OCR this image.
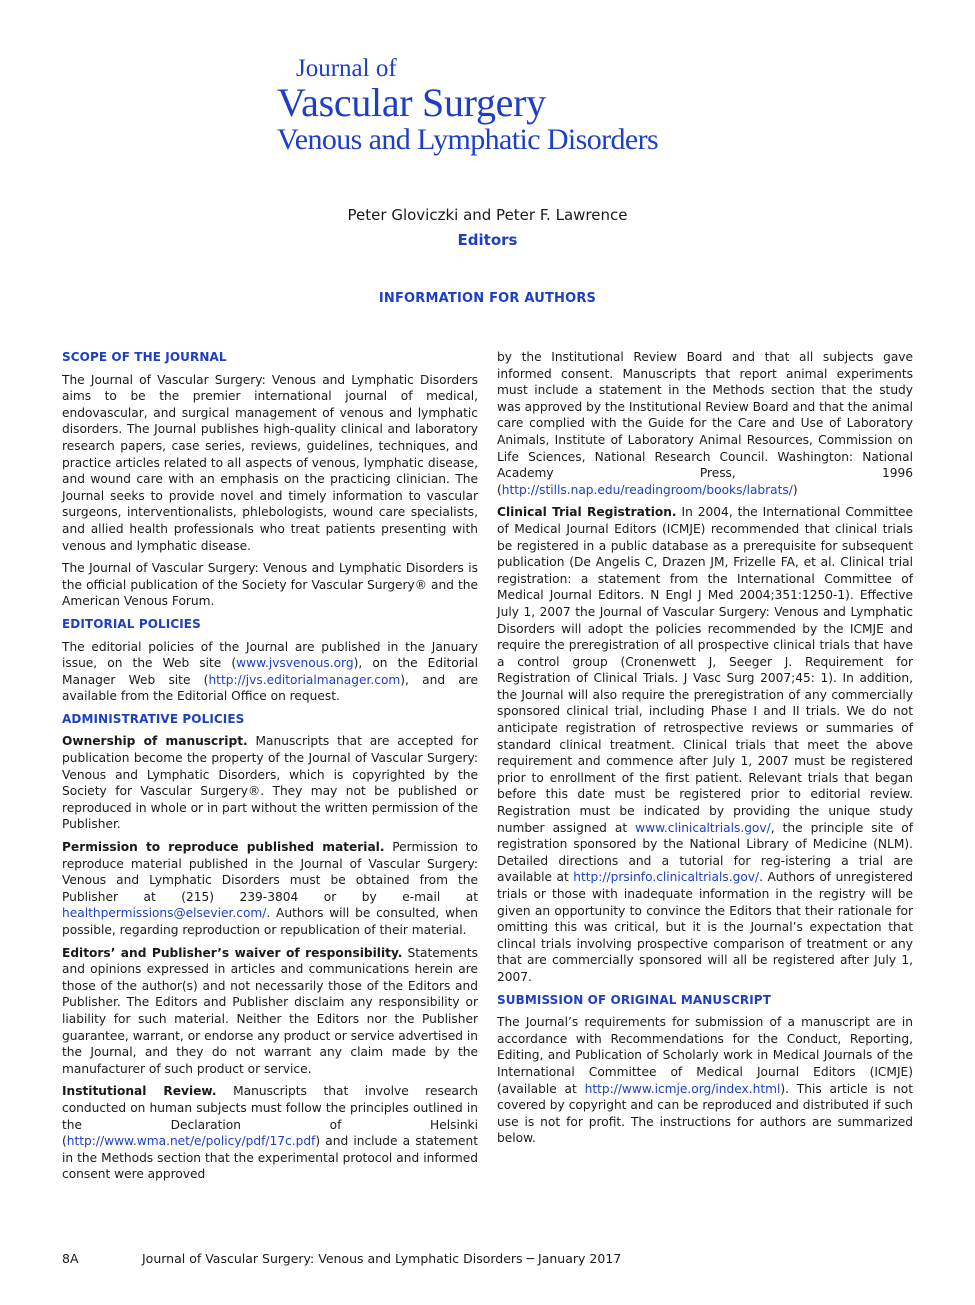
Journal of
Vascular Surgery
Venous and Lymphatic Disorders
Peter Gloviczki and Peter F. Lawrence
Editors
INFORMATION FOR AUTHORS
SCOPE OF THE JOURNAL

The Journal of Vascular Surgery: Venous and Lymphatic Disorders aims to be the premier international journal of medical, endovascular, and surgical management of venous and lymphatic disorders. The Journal publishes high-quality clinical and laboratory research papers, case series, reviews, guidelines, techniques, and practice articles related to all aspects of venous, lymphatic disease, and wound care with an emphasis on the practicing clinician. The Journal seeks to provide novel and timely information to vascular surgeons, interventionalists, phlebologists, wound care specialists, and allied health professionals who treat patients presenting with venous and lymphatic disease.

The Journal of Vascular Surgery: Venous and Lymphatic Disorders is the official publication of the Society for Vascular Surgery® and the American Venous Forum.

EDITORIAL POLICIES

The editorial policies of the Journal are published in the January issue, on the Web site (www.jvsvenous.org), on the Editorial Manager Web site (http://jvs.editorialmanager.com), and are available from the Editorial Office on request.

ADMINISTRATIVE POLICIES

Ownership of manuscript. Manuscripts that are accepted for publication become the property of the Journal of Vascular Surgery: Venous and Lymphatic Disorders, which is copyrighted by the Society for Vascular Surgery®. They may not be published or reproduced in whole or in part without the written permission of the Publisher.

Permission to reproduce published material. Permission to reproduce material published in the Journal of Vascular Surgery: Venous and Lymphatic Disorders must be obtained from the Publisher at (215) 239-3804 or by e-mail at healthpermissions@elsevier.com/. Authors will be consulted, when possible, regarding reproduction or republication of their material.

Editors’ and Publisher’s waiver of responsibility. Statements and opinions expressed in articles and communications herein are those of the author(s) and not necessarily those of the Editors and Publisher. The Editors and Publisher disclaim any responsibility or liability for such material. Neither the Editors nor the Publisher guarantee, warrant, or endorse any product or service advertised in the Journal, and they do not warrant any claim made by the manufacturer of such product or service.

Institutional Review. Manuscripts that involve research conducted on human subjects must follow the principles outlined in the Declaration of Helsinki (http://www.wma.net/e/policy/pdf/17c.pdf) and include a statement in the Methods section that the experimental protocol and informed consent were approved

by the Institutional Review Board and that all subjects gave informed consent. Manuscripts that report animal experiments must include a statement in the Methods section that the study was approved by the Institutional Review Board and that the animal care complied with the Guide for the Care and Use of Laboratory Animals, Institute of Laboratory Animal Resources, Commission on Life Sciences, National Research Council. Washington: National Academy Press, 1996 (http://stills.nap.edu/readingroom/books/labrats/)

Clinical Trial Registration. In 2004, the International Committee of Medical Journal Editors (ICMJE) recommended that clinical trials be registered in a public database as a prerequisite for subsequent publication (De Angelis C, Drazen JM, Frizelle FA, et al. Clinical trial registration: a statement from the International Committee of Medical Journal Editors. N Engl J Med 2004;351:1250-1). Effective July 1, 2007 the Journal of Vascular Surgery: Venous and Lymphatic Disorders will adopt the policies recommended by the ICMJE and require the preregistration of all prospective clinical trials that have a control group (Cronenwett J, Seeger J. Requirement for Registration of Clinical Trials. J Vasc Surg 2007;45: 1). In addition, the Journal will also require the preregistration of any commercially sponsored clinical trial, including Phase I and II trials. We do not anticipate registration of retrospective reviews or summaries of standard clinical treatment. Clinical trials that meet the above requirement and commence after July 1, 2007 must be registered prior to enrollment of the first patient. Relevant trials that began before this date must be registered prior to editorial review. Registration must be indicated by providing the unique study number assigned at www.clinicaltrials.gov/, the principle site of registration sponsored by the National Library of Medicine (NLM). Detailed directions and a tutorial for reg-istering a trial are available at http://prsinfo.clinicaltrials.gov/. Authors of unregistered trials or those with inadequate information in the registry will be given an opportunity to convince the Editors that their rationale for omitting this was critical, but it is the Journal’s expectation that clincal trials involving prospective comparison of treatment or any that are commercially sponsored will all be registered after July 1, 2007.

SUBMISSION OF ORIGINAL MANUSCRIPT

The Journal’s requirements for submission of a manuscript are in accordance with Recommendations for the Conduct, Reporting, Editing, and Publication of Scholarly work in Medical Journals of the International Committee of Medical Journal Editors (ICMJE) (available at http://www.icmje.org/index.html). This article is not covered by copyright and can be reproduced and distributed if such use is not for profit. The instructions for authors are summarized below.

8A	Journal of Vascular Surgery: Venous and Lymphatic Disorders ─ January 2017
